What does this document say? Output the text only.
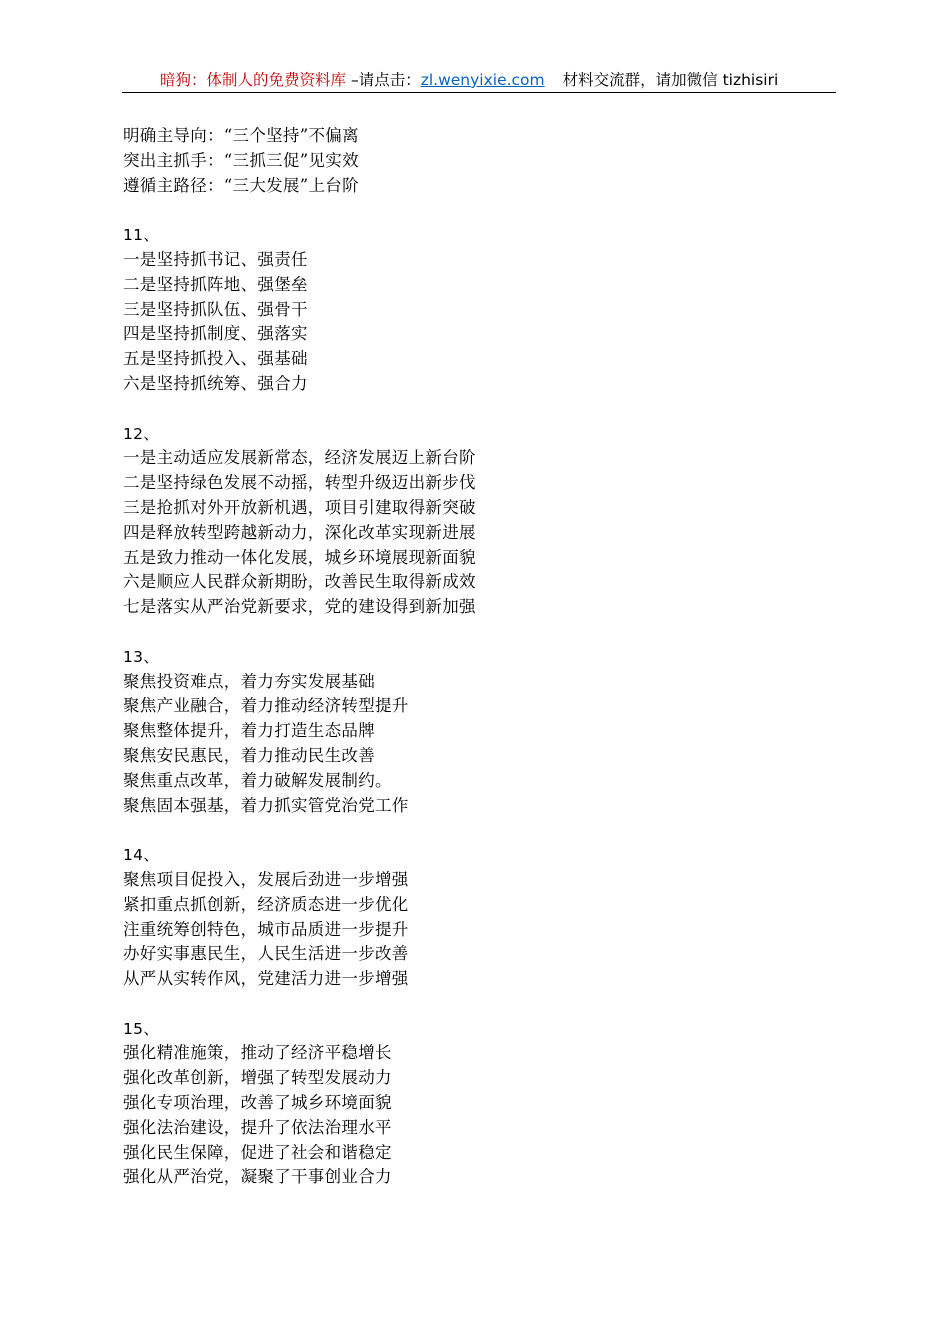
暗狗：体制人的免费资料库 –请点击：zl.wenyixie.com 材料交流群，请加微信 tizhisiri
明确主导向：“三个坚持”不偏离
突出主抓手：“三抓三促”见实效
遵循主路径：“三大发展”上台阶
11、
一是坚持抓书记、强责任
二是坚持抓阵地、强堡垒
三是坚持抓队伍、强骨干
四是坚持抓制度、强落实
五是坚持抓投入、强基础
六是坚持抓统筹、强合力
12、
一是主动适应发展新常态，经济发展迈上新台阶
二是坚持绿色发展不动摇，转型升级迈出新步伐
三是抢抓对外开放新机遇，项目引建取得新突破
四是释放转型跨越新动力，深化改革实现新进展
五是致力推动一体化发展，城乡环境展现新面貌
六是顺应人民群众新期盼，改善民生取得新成效
七是落实从严治党新要求，党的建设得到新加强
13、
聚焦投资难点，着力夯实发展基础
聚焦产业融合，着力推动经济转型提升
聚焦整体提升，着力打造生态品牌
聚焦安民惠民，着力推动民生改善
聚焦重点改革，着力破解发展制约。
聚焦固本强基，着力抓实管党治党工作
14、
聚焦项目促投入，发展后劲进一步增强
紧扣重点抓创新，经济质态进一步优化
注重统筹创特色，城市品质进一步提升
办好实事惠民生，人民生活进一步改善
从严从实转作风，党建活力进一步增强
15、
强化精准施策，推动了经济平稳增长
强化改革创新，增强了转型发展动力
强化专项治理，改善了城乡环境面貌
强化法治建设，提升了依法治理水平
强化民生保障，促进了社会和谐稳定
强化从严治党，凝聚了干事创业合力
